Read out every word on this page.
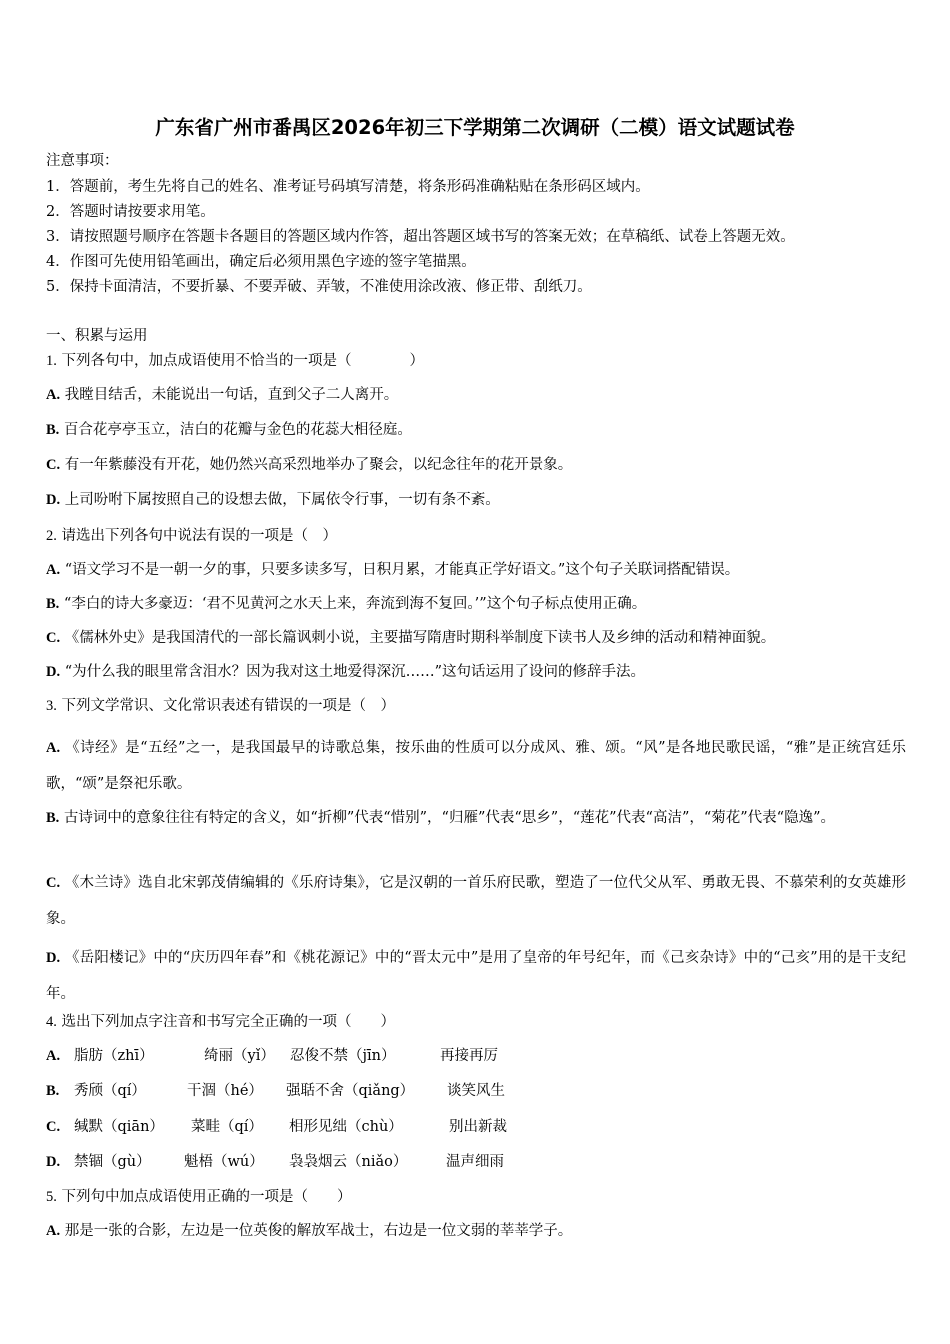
广东省广州市番禺区2026年初三下学期第二次调研（二模）语文试题试卷
注意事项：
1．答题前，考生先将自己的姓名、准考证号码填写清楚，将条形码准确粘贴在条形码区域内。
2．答题时请按要求用笔。
3．请按照题号顺序在答题卡各题目的答题区域内作答，超出答题区域书写的答案无效；在草稿纸、试卷上答题无效。
4．作图可先使用铅笔画出，确定后必须用黑色字迹的签字笔描黑。
5．保持卡面清洁，不要折暴、不要弄破、弄皱，不准使用涂改液、修正带、刮纸刀。
一、积累与运用
1. 下列各句中，加点成语使用不恰当的一项是（　　　　）
A. 我瞠目结舌，未能说出一句话，直到父子二人离开。
B. 百合花亭亭玉立，洁白的花瓣与金色的花蕊大相径庭。
C. 有一年紫藤没有开花，她仍然兴高采烈地举办了聚会，以纪念往年的花开景象。
D. 上司吩咐下属按照自己的设想去做，下属依令行事，一切有条不紊。
2. 请选出下列各句中说法有误的一项是（　）
A. “语文学习不是一朝一夕的事，只要多读多写，日积月累，才能真正学好语文。”这个句子关联词搭配错误。
B. “李白的诗大多豪迈：‘君不见黄河之水天上来，奔流到海不复回。’”这个句子标点使用正确。
C. 《儒林外史》是我国清代的一部长篇讽刺小说，主要描写隋唐时期科举制度下读书人及乡绅的活动和精神面貌。
D. “为什么我的眼里常含泪水？因为我对这土地爱得深沉……”这句话运用了设问的修辞手法。
3. 下列文学常识、文化常识表述有错误的一项是（　）
A. 《诗经》是“五经”之一，是我国最早的诗歌总集，按乐曲的性质可以分成风、雅、颂。“风”是各地民歌民谣，“雅”是正统宫廷乐歌，“颂”是祭祀乐歌。
B. 古诗词中的意象往往有特定的含义，如“折柳”代表“惜别”，“归雁”代表“思乡”，“莲花”代表“高洁”，“菊花”代表“隐逸”。
C. 《木兰诗》选自北宋郭茂倩编辑的《乐府诗集》，它是汉朝的一首乐府民歌，塑造了一位代父从军、勇敢无畏、不慕荣利的女英雄形象。
D. 《岳阳楼记》中的“庆历四年春”和《桃花源记》中的“晋太元中”是用了皇帝的年号纪年，而《己亥杂诗》中的“己亥”用的是干支纪年。
4. 选出下列加点字注音和书写完全正确的一项（　　）
A. 脂肪（zhī）	绮丽（yǐ） 忍俊不禁（jīn）	再接再厉
B. 秀颀（qí）	干涸（hé） 强聒不舍（qiǎng） 谈笑风生
C. 缄默（qiān） 菜畦（qí） 相形见绌（chù）	别出新裁
D. 禁锢（gù） 魁梧（wú） 袅袅烟云（niǎo）	温声细雨
5. 下列句中加点成语使用正确的一项是（　　）
A. 那是一张的合影，左边是一位英俊的解放军战士，右边是一位文弱的莘莘学子。
